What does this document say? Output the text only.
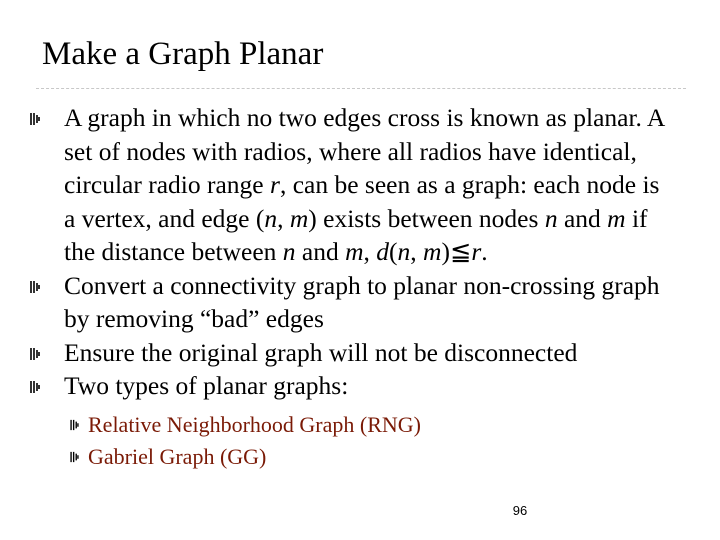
Make a Graph Planar
A graph in which no two edges cross is known as planar. A set of nodes with radios, where all radios have identical, circular radio range r, can be seen as a graph: each node is a vertex, and edge (n, m) exists between nodes n and m if the distance between n and m, d(n, m)≦r.
Convert a connectivity graph to planar non-crossing graph by removing “bad” edges
Ensure the original graph will not be disconnected
Two types of planar graphs:
Relative Neighborhood Graph (RNG)
Gabriel Graph (GG)
96
